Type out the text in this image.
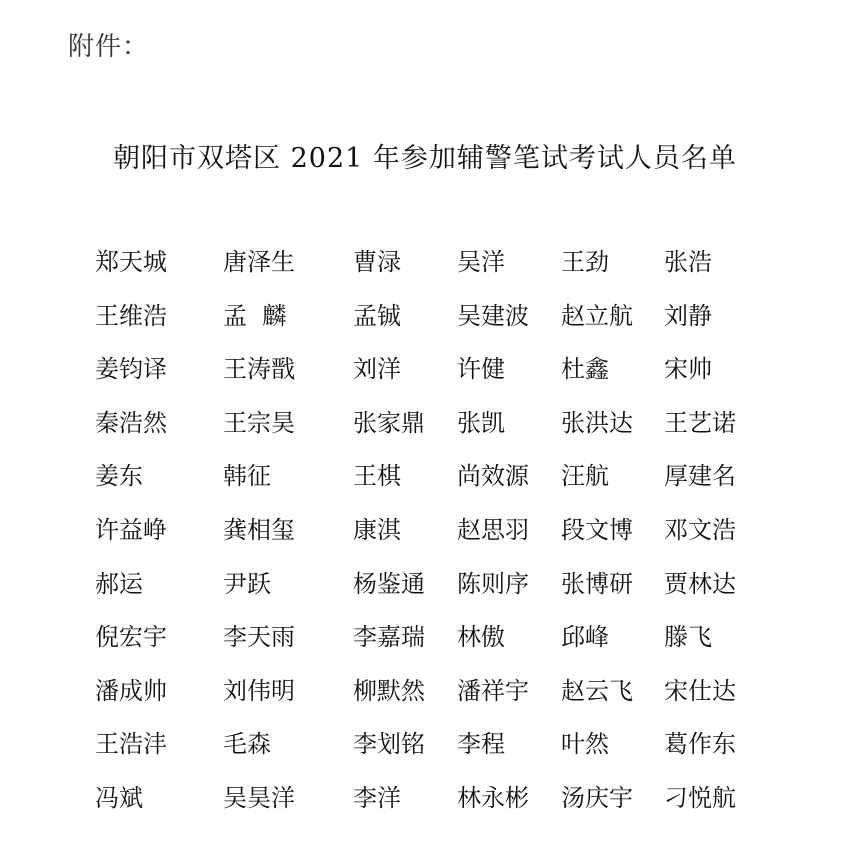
附件：
朝阳市双塔区 2021 年参加辅警笔试考试人员名单
郑天城	唐泽生	曹渌	吴洋	王劲	张浩
王维浩	孟  麟	孟铖	吴建波	赵立航	刘静
姜钧译	王涛戬	刘洋	许健	杜鑫	宋帅
秦浩然	王宗昊	张家鼎	张凯	张洪达	王艺诺
姜东	韩征	王棋	尚效源	汪航	厚建名
许益峥	龚相玺	康淇	赵思羽	段文博	邓文浩
郝运	尹跃	杨鉴通	陈则序	张博研	贾林达
倪宏宇	李天雨	李嘉瑞	林傲	邱峰	滕飞
潘成帅	刘伟明	柳默然	潘祥宇	赵云飞	宋仕达
王浩沣	毛森	李划铭	李程	叶然	葛作东
冯斌	吴昊洋	李洋	林永彬	汤庆宇	刁悦航
